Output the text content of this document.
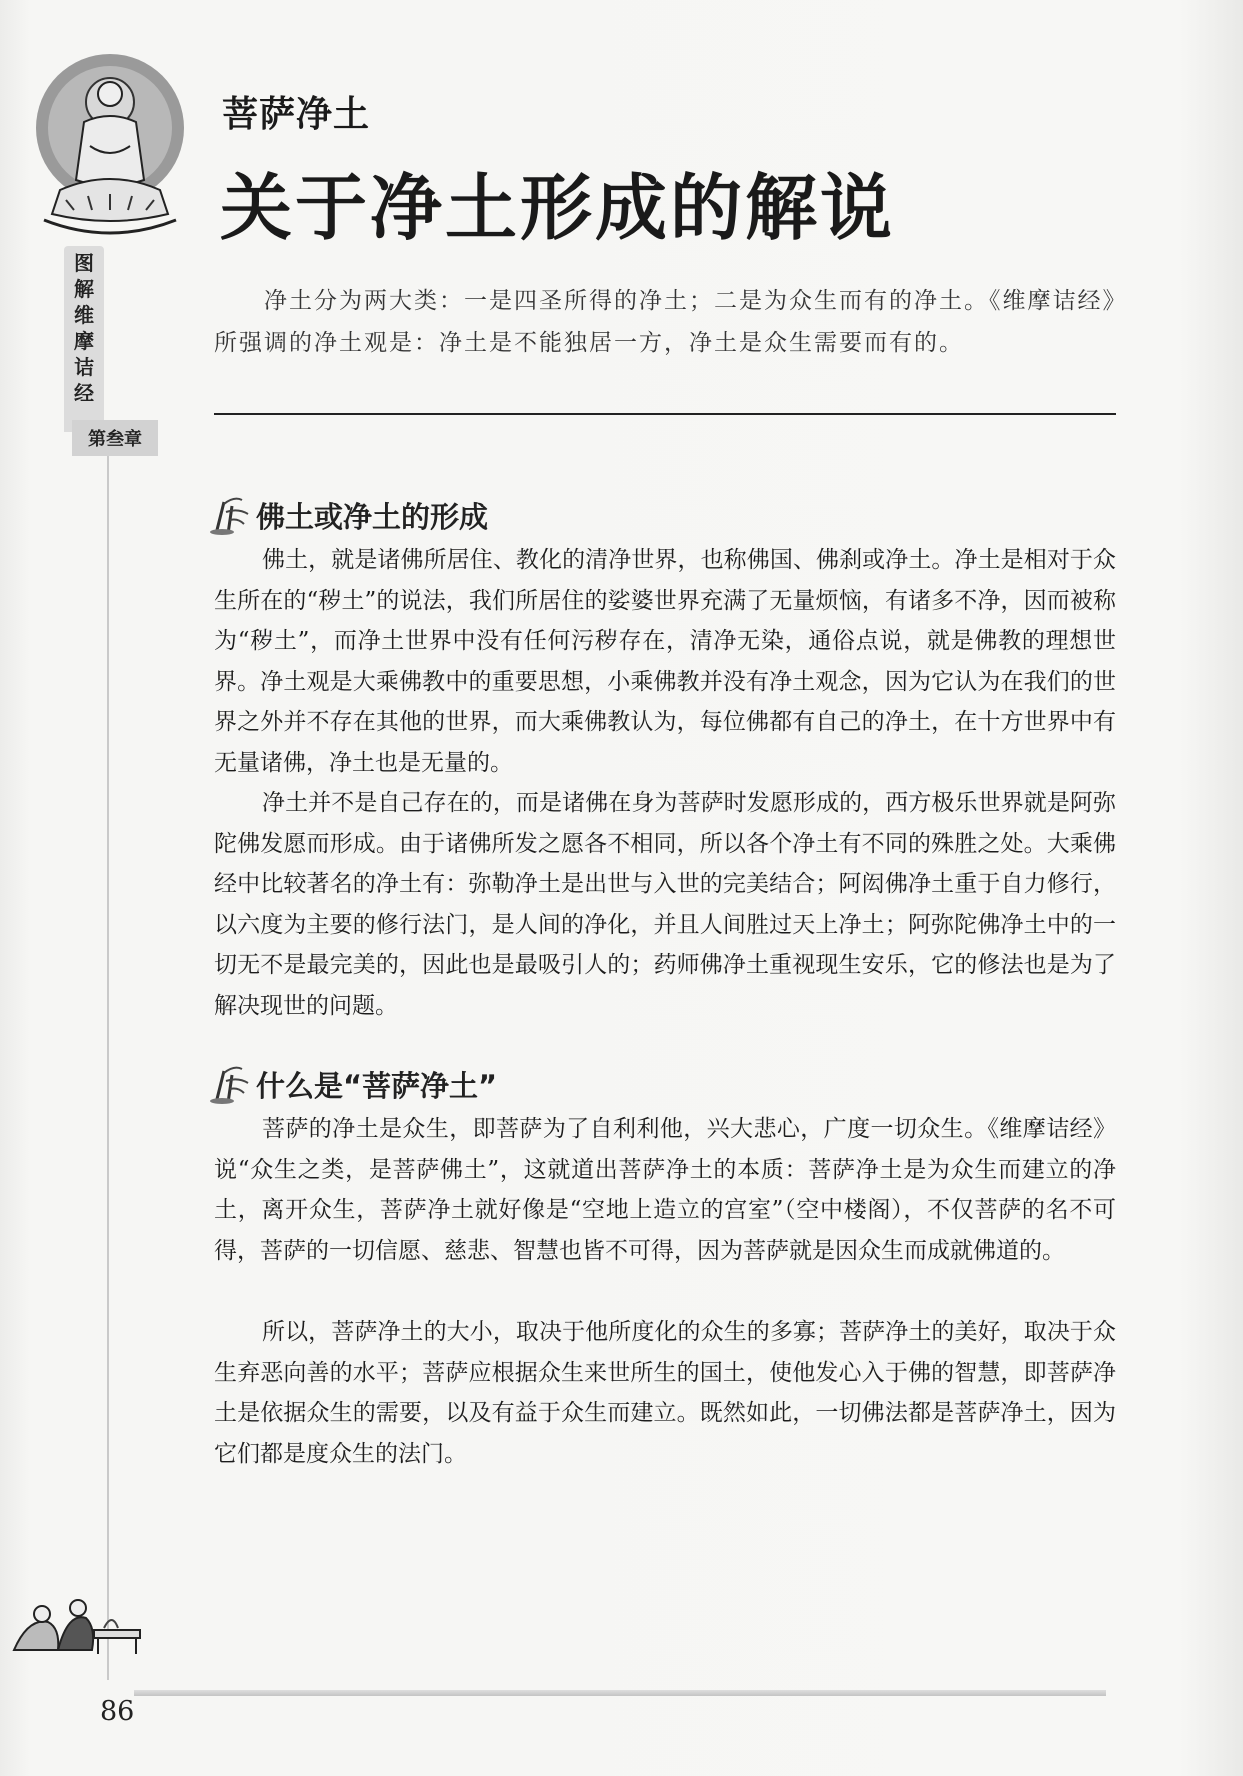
图
解
维
摩
诘
经
第叁章
菩萨净土
关于净土形成的解说
净土分为两大类：一是四圣所得的净土；二是为众生而有的净土。《维摩诘经》所强调的净土观是：净土是不能独居一方，净土是众生需要而有的。
佛土或净土的形成
佛土，就是诸佛所居住、教化的清净世界，也称佛国、佛刹或净土。净土是相对于众生所在的“秽土”的说法，我们所居住的娑婆世界充满了无量烦恼，有诸多不净，因而被称为“秽土”，而净土世界中没有任何污秽存在，清净无染，通俗点说，就是佛教的理想世界。净土观是大乘佛教中的重要思想，小乘佛教并没有净土观念，因为它认为在我们的世界之外并不存在其他的世界，而大乘佛教认为，每位佛都有自己的净土，在十方世界中有无量诸佛，净土也是无量的。
净土并不是自己存在的，而是诸佛在身为菩萨时发愿形成的，西方极乐世界就是阿弥陀佛发愿而形成。由于诸佛所发之愿各不相同，所以各个净土有不同的殊胜之处。大乘佛经中比较著名的净土有：弥勒净土是出世与入世的完美结合；阿闳佛净土重于自力修行，以六度为主要的修行法门，是人间的净化，并且人间胜过天上净土；阿弥陀佛净土中的一切无不是最完美的，因此也是最吸引人的；药师佛净土重视现生安乐，它的修法也是为了解决现世的问题。
什么是“菩萨净土”
菩萨的净土是众生，即菩萨为了自利利他，兴大悲心，广度一切众生。《维摩诘经》说“众生之类，是菩萨佛土”，这就道出菩萨净土的本质：菩萨净土是为众生而建立的净土，离开众生，菩萨净土就好像是“空地上造立的宫室”（空中楼阁），不仅菩萨的名不可得，菩萨的一切信愿、慈悲、智慧也皆不可得，因为菩萨就是因众生而成就佛道的。
所以，菩萨净土的大小，取决于他所度化的众生的多寡；菩萨净土的美好，取决于众生弃恶向善的水平；菩萨应根据众生来世所生的国土，使他发心入于佛的智慧，即菩萨净土是依据众生的需要，以及有益于众生而建立。既然如此，一切佛法都是菩萨净土，因为它们都是度众生的法门。
86
